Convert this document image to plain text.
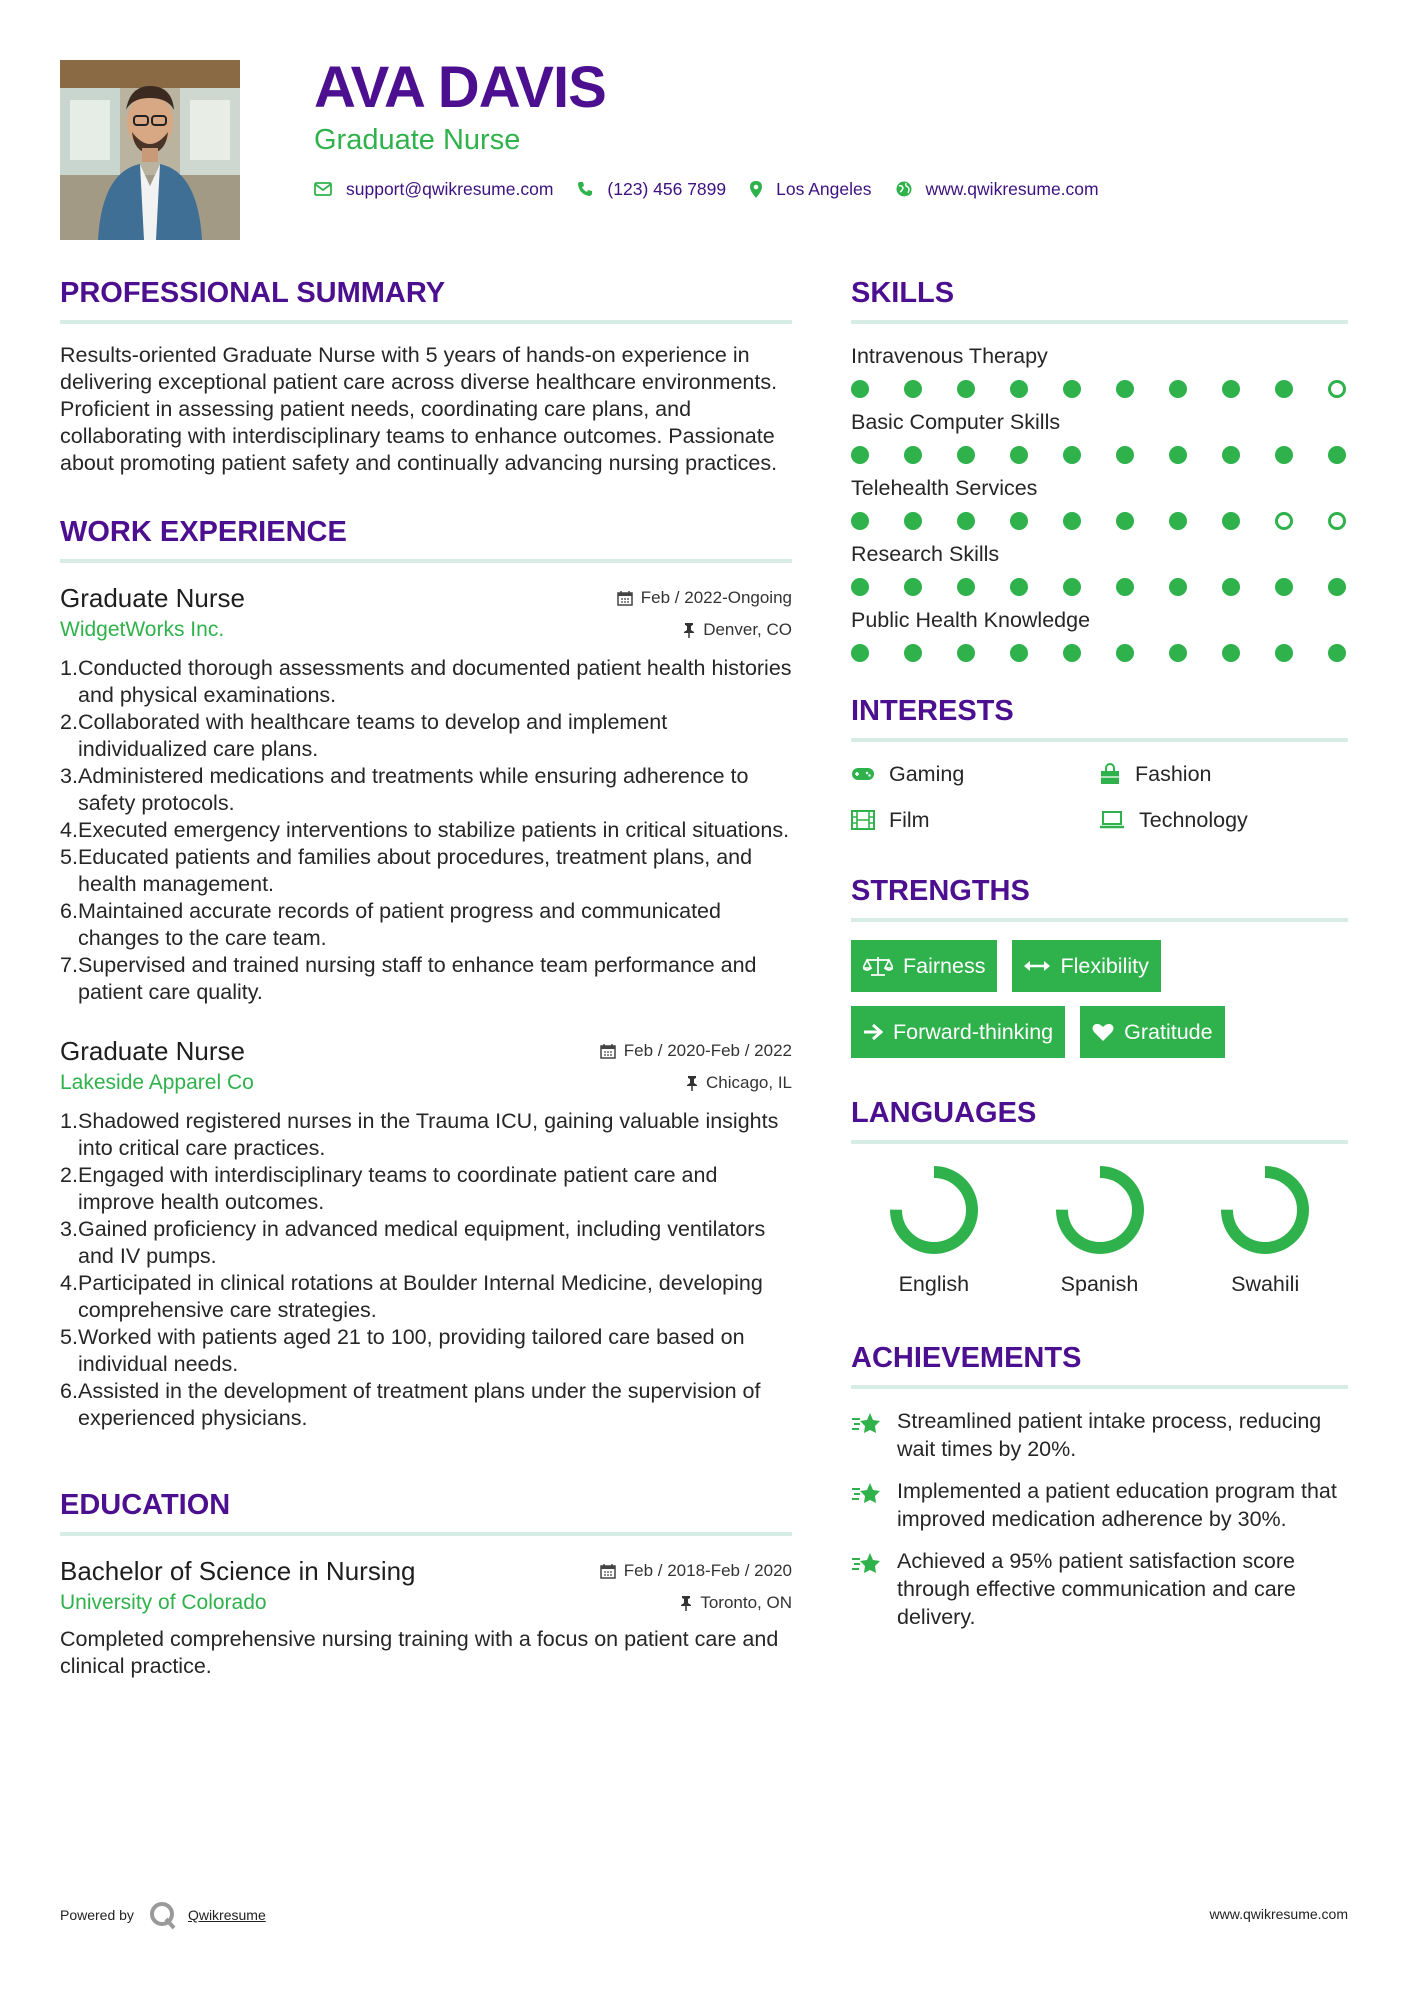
AVA DAVIS
Graduate Nurse
support@qwikresume.com	(123) 456 7899	Los Angeles	www.qwikresume.com
PROFESSIONAL SUMMARY

Results-oriented Graduate Nurse with 5 years of hands-on experience in delivering exceptional patient care across diverse healthcare environments. Proficient in assessing patient needs, coordinating care plans, and collaborating with interdisciplinary teams to enhance outcomes. Passionate about promoting patient safety and continually advancing nursing practices.

WORK EXPERIENCE
Graduate Nurse	Feb / 2022-Ongoing
WidgetWorks Inc.	Denver, CO
1. Conducted thorough assessments and documented patient health histories and physical examinations.
2. Collaborated with healthcare teams to develop and implement individualized care plans.
3. Administered medications and treatments while ensuring adherence to safety protocols.
4. Executed emergency interventions to stabilize patients in critical situations.
5. Educated patients and families about procedures, treatment plans, and health management.
6. Maintained accurate records of patient progress and communicated changes to the care team.
7. Supervised and trained nursing staff to enhance team performance and patient care quality.
Graduate Nurse	Feb / 2020-Feb / 2022
Lakeside Apparel Co	Chicago, IL
1. Shadowed registered nurses in the Trauma ICU, gaining valuable insights into critical care practices.
2. Engaged with interdisciplinary teams to coordinate patient care and improve health outcomes.
3. Gained proficiency in advanced medical equipment, including ventilators and IV pumps.
4. Participated in clinical rotations at Boulder Internal Medicine, developing comprehensive care strategies.
5. Worked with patients aged 21 to 100, providing tailored care based on individual needs.
6. Assisted in the development of treatment plans under the supervision of experienced physicians.
EDUCATION
Bachelor of Science in Nursing	Feb / 2018-Feb / 2020
University of Colorado	Toronto, ON

Completed comprehensive nursing training with a focus on patient care and clinical practice.

SKILLS
Intravenous Therapy
Basic Computer Skills
Telehealth Services
Research Skills
Public Health Knowledge
INTERESTS
Gaming	Fashion
Film	Technology
STRENGTHS
Fairness	Flexibility
Forward-thinking	Gratitude
LANGUAGES
English	Spanish	Swahili
ACHIEVEMENTS
Streamlined patient intake process, reducing wait times by 20%.
Implemented a patient education program that improved medication adherence by 30%.
Achieved a 95% patient satisfaction score through effective communication and care delivery.
Powered by	Qwikresume	www.qwikresume.com
